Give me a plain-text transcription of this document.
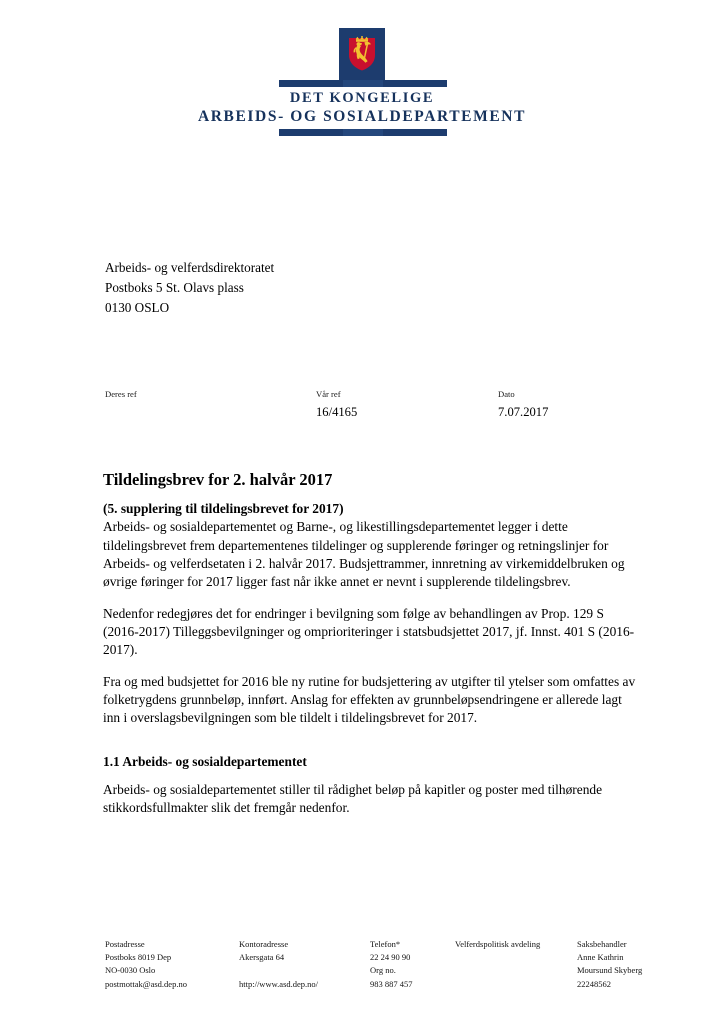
DET KONGELIGE
ARBEIDS- OG SOSIALDEPARTEMENT
Arbeids- og velferdsdirektoratet
Postboks 5 St. Olavs plass
0130 OSLO
Deres ref	Vår ref
16/4165
Dato
7.07.2017
Tildelingsbrev for 2. halvår 2017

(5. supplering til tildelingsbrevet for 2017)

Arbeids- og sosialdepartementet og Barne-, og likestillingsdepartementet legger i dette tildelingsbrevet frem departementenes tildelinger og supplerende føringer og retningslinjer for Arbeids- og velferdsetaten i 2. halvår 2017. Budsjettrammer, innretning av virkemiddelbruken og øvrige føringer for 2017 ligger fast når ikke annet er nevnt i supplerende tildelingsbrev.

Nedenfor redegjøres det for endringer i bevilgning som følge av behandlingen av Prop. 129 S (2016-2017) Tilleggsbevilgninger og omprioriteringer i statsbudsjettet 2017, jf. Innst. 401 S (2016-2017).

Fra og med budsjettet for 2016 ble ny rutine for budsjettering av utgifter til ytelser som omfattes av folketrygdens grunnbeløp, innført. Anslag for effekten av grunnbeløpsendringene er allerede lagt inn i overslagsbevilgningen som ble tildelt i tildelingsbrevet for 2017.

1.1 Arbeids- og sosialdepartementet

Arbeids- og sosialdepartementet stiller til rådighet beløp på kapitler og poster med tilhørende stikkordsfullmakter slik det fremgår nedenfor.

Postadresse
Postboks 8019 Dep
NO-0030 Oslo
postmottak@asd.dep.no
Kontoradresse
Akersgata 64
http://www.asd.dep.no/
Telefon*
22 24 90 90
Org no.
983 887 457
Velferdspolitisk avdeling	Saksbehandler
Anne Kathrin
Moursund Skyberg
22248562
